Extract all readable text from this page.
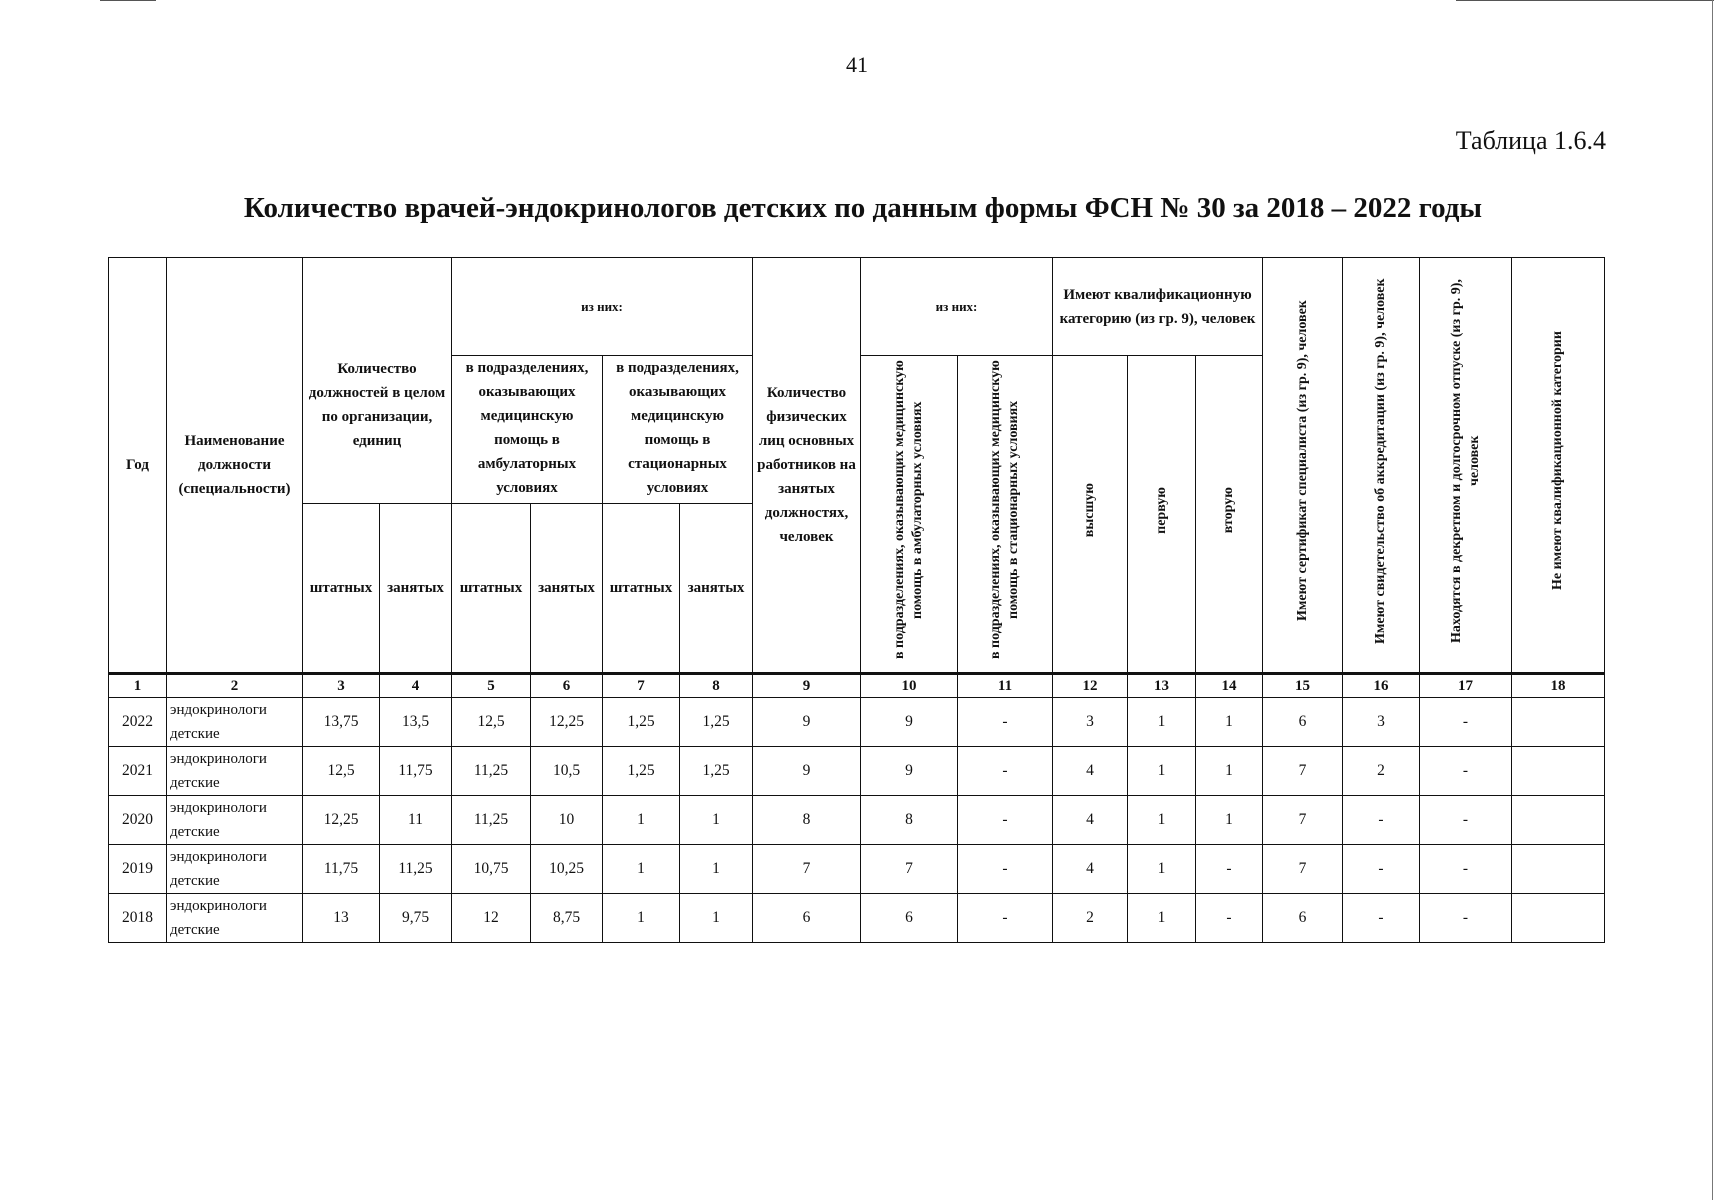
41
Таблица 1.6.4
Количество врачей-эндокринологов детских по данным формы ФСН № 30 за 2018 – 2022 годы
Год	Наименование должности (специальности)	Количество должностей в целом по организации, единиц		из них:				Количество физических лиц основных работников на занятых должностях, человек	из них:		Имеют квалификационную категорию (из гр. 9), человек			Имеют сертификат специалиста (из гр. 9), человек	Имеют свидетельство об аккредитации (из гр. 9), человек	Находятся в декретном и долгосрочном отпуске (из гр. 9), человек	Не имеют квалификационной категории
				в подразделениях, оказывающих медицинскую помощь в амбулаторных условиях		в подразделениях, оказывающих медицинскую помощь в стационарных условиях			в подразделениях, оказывающих медицинскую помощь в амбулаторных условиях	в подразделениях, оказывающих медицинскую помощь в стационарных условиях	высшую	первую	вторую				
		штатных	занятых	штатных	занятых	штатных	занятых										
1	2	3	4	5	6	7	8	9	10	11	12	13	14	15	16	17	18
2022	эндокринологи детские	13,75	13,5	12,5	12,25	1,25	1,25	9	9	-	3	1	1	6	3	-	
2021	эндокринологи детские	12,5	11,75	11,25	10,5	1,25	1,25	9	9	-	4	1	1	7	2	-	
2020	эндокринологи детские	12,25	11	11,25	10	1	1	8	8	-	4	1	1	7	-	-	
2019	эндокринологи детские	11,75	11,25	10,75	10,25	1	1	7	7	-	4	1	-	7	-	-	
2018	эндокринологи детские	13	9,75	12	8,75	1	1	6	6	-	2	1	-	6	-	-	
